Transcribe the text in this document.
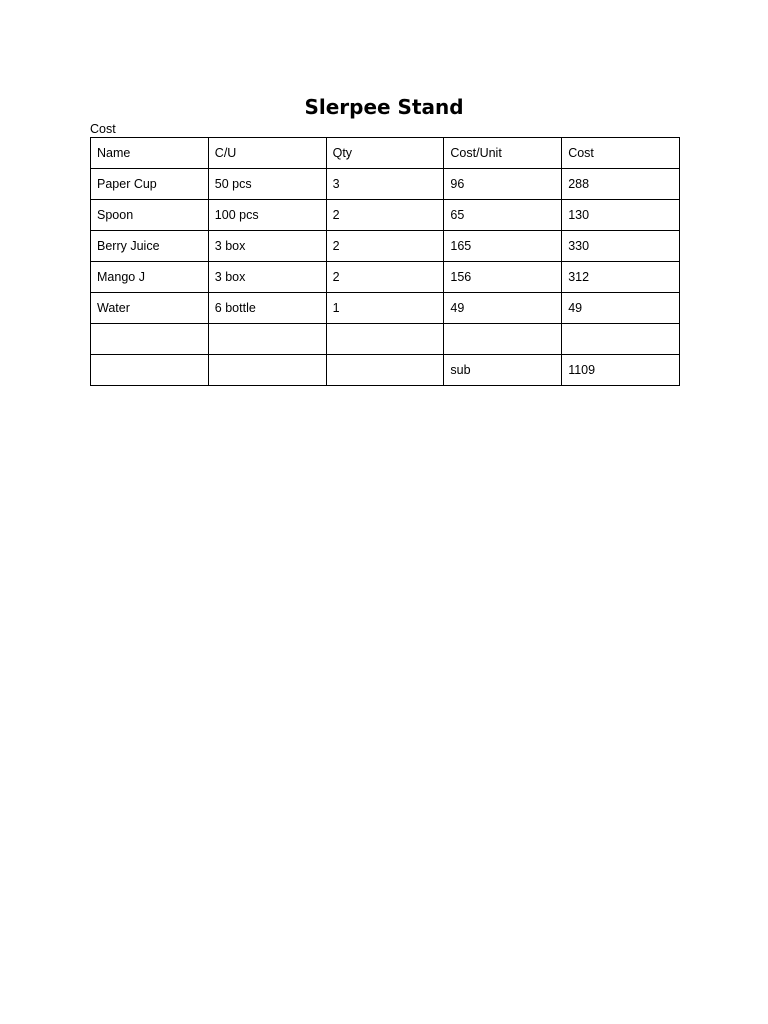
Slerpee Stand
Cost
Name	C/U	Qty	Cost/Unit	Cost
Paper Cup	50 pcs	3	96	288
Spoon	100 pcs	2	65	130
Berry Juice	3 box	2	165	330
Mango J	3 box	2	156	312
Water	6 bottle	1	49	49

			sub	1109
